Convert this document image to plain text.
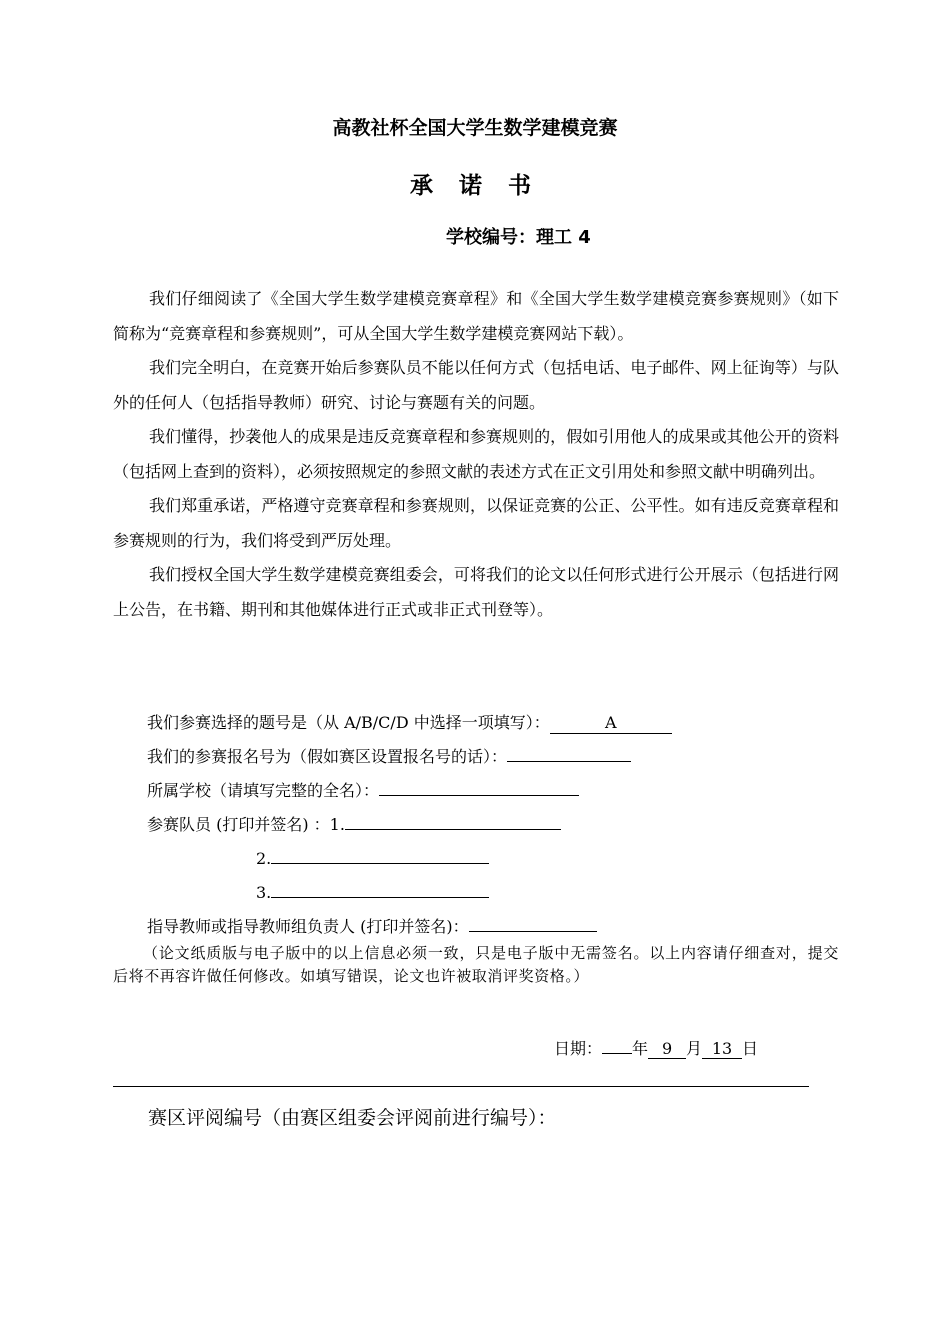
高教社杯全国大学生数学建模竞赛
承 诺 书
学校编号：理工 4

我们仔细阅读了《全国大学生数学建模竞赛章程》和《全国大学生数学建模竞赛参赛规则》（如下简称为“竞赛章程和参赛规则”，可从全国大学生数学建模竞赛网站下载）。

我们完全明白，在竞赛开始后参赛队员不能以任何方式（包括电话、电子邮件、网上征询等）与队外的任何人（包括指导教师）研究、讨论与赛题有关的问题。

我们懂得，抄袭他人的成果是违反竞赛章程和参赛规则的，假如引用他人的成果或其他公开的资料（包括网上查到的资料），必须按照规定的参照文献的表述方式在正文引用处和参照文献中明确列出。

我们郑重承诺，严格遵守竞赛章程和参赛规则，以保证竞赛的公正、公平性。如有违反竞赛章程和参赛规则的行为，我们将受到严厉处理。

我们授权全国大学生数学建模竞赛组委会，可将我们的论文以任何形式进行公开展示（包括进行网上公告，在书籍、期刊和其他媒体进行正式或非正式刊登等）。

我们参赛选择的题号是（从 A/B/C/D 中选择一项填写）：	A
我们的参赛报名号为（假如赛区设置报名号的话）：
所属学校（请填写完整的全名）：
参赛队员 (打印并签名) ：1.
2.
3.
指导教师或指导教师组负责人 (打印并签名)：
（论文纸质版与电子版中的以上信息必须一致，只是电子版中无需签名。以上内容请仔细查对，提交后将不再容许做任何修改。如填写错误，论文也许被取消评奖资格。）
日期： 年 9 月 13 日
赛区评阅编号（由赛区组委会评阅前进行编号）：
